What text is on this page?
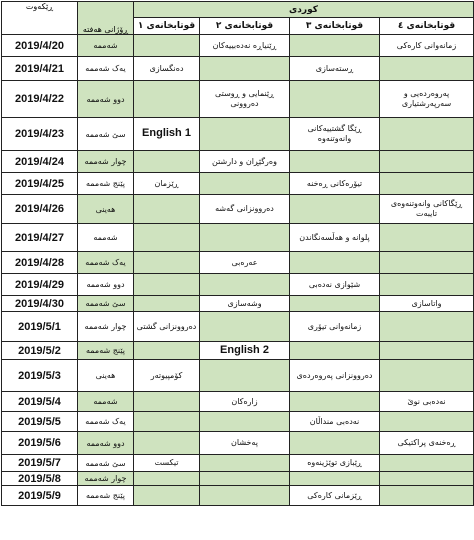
ڕێکەوت	ڕۆژانی هەفتە	کوردی			
		قوتابخانەی ١	قوتابخانەی ٢	قوتابخانەی ٣	قوتابخانەی ٤
2019/4/20	شەممە		ڕێنیاڕە نەدەبییەکان		زمانەوانی کارەکی
2019/4/21	یەک شەممە	دەنگسازی		ڕستەسازی	
2019/4/22	دوو شەممە		ڕێنمایی و ڕوستی دەروونی		پەروەردەیی و سەرپەرشتیاری
2019/4/23	سێ شەممە	English 1		ڕێگا گشتییەکانی وانەوتنەوە	
2019/4/24	چوار شەممە		وەرگێڕان و دارشتن		
2019/4/25	پێنج شەممە	ڕێزمان		تیۆرەکانی ڕەخنە	
2019/4/26	هەینی		دەروونزانی گەشە		ڕێگاکانی وانەوتنەوەی تایبەت
2019/4/27	شەممە			پلوانە و هەڵسەنگاندن	
2019/4/28	یەک شەممە		عەرەبی		
2019/4/29	دوو شەممە			شێوازی نەدەبی	
2019/4/30	سێ شەممە		وشەسازی		واتاسازی
2019/5/1	چوار شەممە	دەروونزانی گشتی		زمانەوانی تیۆری	
2019/5/2	پێنج شەممە		English 2		
2019/5/3	هەینی	کۆمپیوتەر		دەروونزانی پەروەردەی	
2019/5/4	شەممە		زارەکان		نەدەبی نوێ
2019/5/5	یەک شەممە			نەدەبی منداڵان	
2019/5/6	دوو شەممە		پەخشان		ڕەخنەی پراکتیکی
2019/5/7	سێ شەممە	تیکست		ڕێبازی توێژینەوە	
2019/5/8	چوار شەممە				
2019/5/9	پێنج شەممە			ڕێزمانی کارەکی	
